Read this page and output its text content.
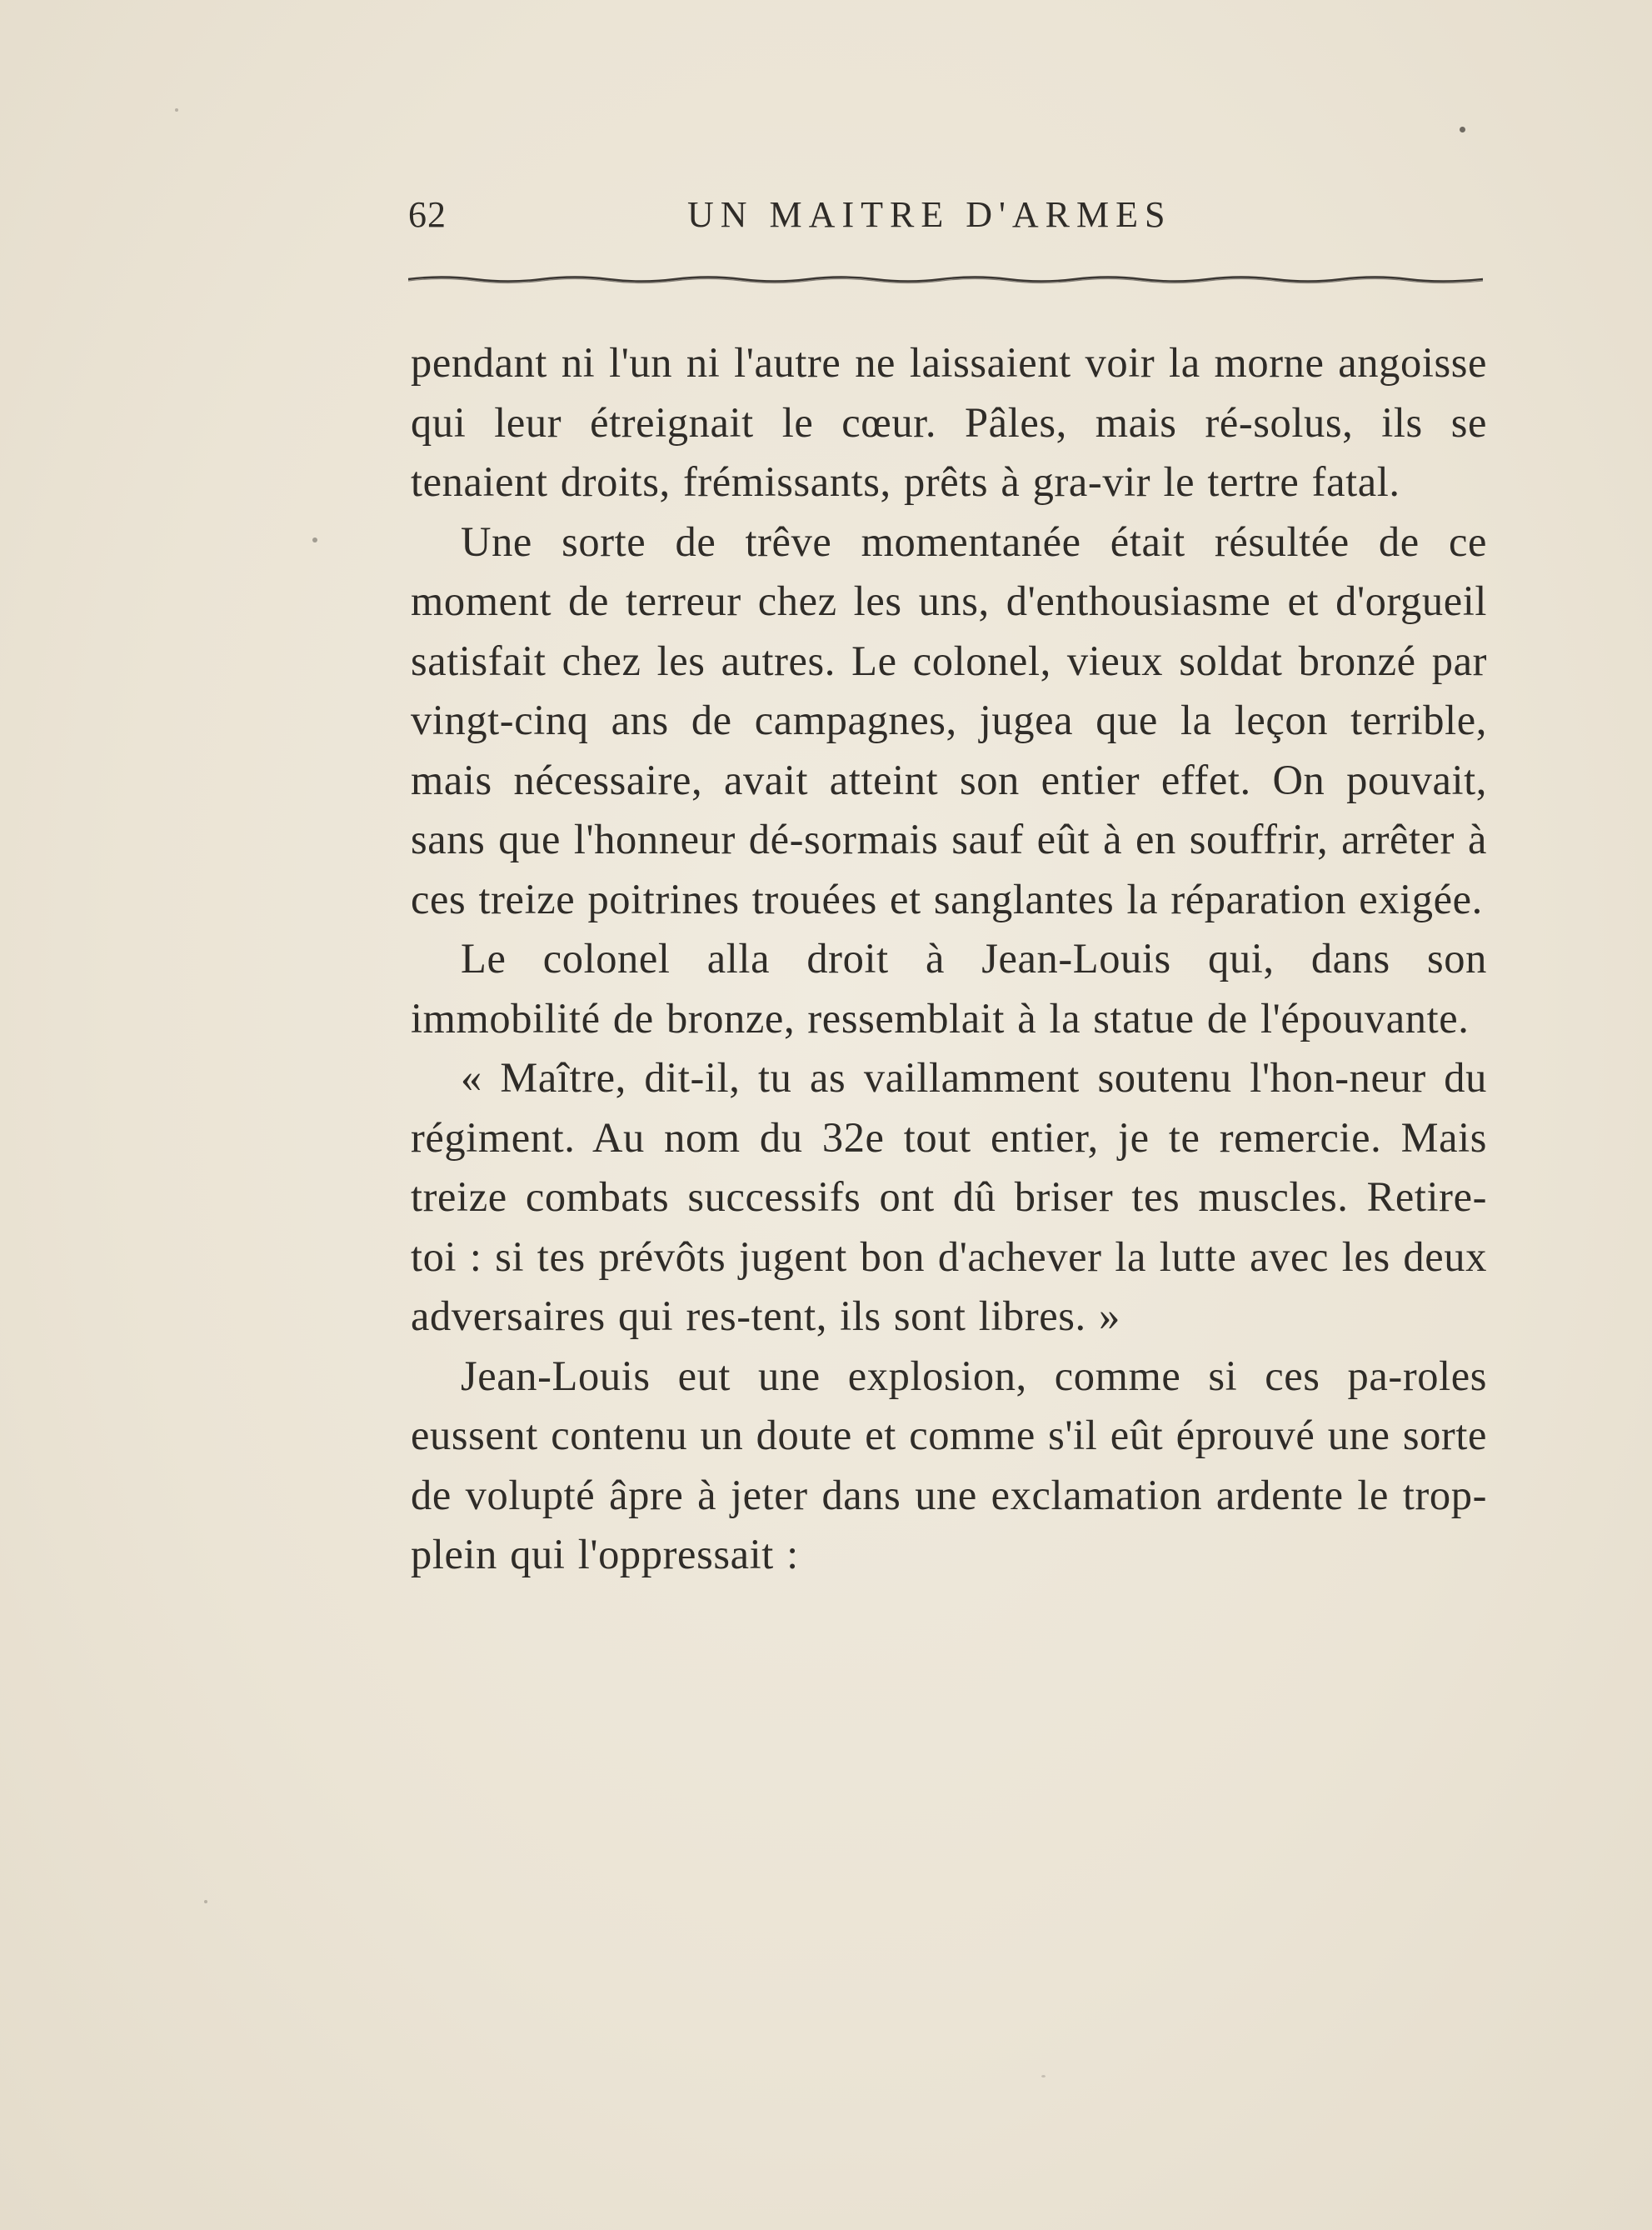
62	UN MAITRE D'ARMES

pendant ni l'un ni l'autre ne laissaient voir la morne angoisse qui leur étreignait le cœur. Pâles, mais ré-solus, ils se tenaient droits, frémissants, prêts à gra-vir le tertre fatal.

Une sorte de trêve momentanée était résultée de ce moment de terreur chez les uns, d'enthousiasme et d'orgueil satisfait chez les autres. Le colonel, vieux soldat bronzé par vingt-cinq ans de campagnes, jugea que la leçon terrible, mais nécessaire, avait atteint son entier effet. On pouvait, sans que l'honneur dé-sormais sauf eût à en souffrir, arrêter à ces treize poitrines trouées et sanglantes la réparation exigée.

Le colonel alla droit à Jean-Louis qui, dans son immobilité de bronze, ressemblait à la statue de l'épouvante.

« Maître, dit-il, tu as vaillamment soutenu l'hon-neur du régiment. Au nom du 32e tout entier, je te remercie. Mais treize combats successifs ont dû briser tes muscles. Retire-toi : si tes prévôts jugent bon d'achever la lutte avec les deux adversaires qui res-tent, ils sont libres. »

Jean-Louis eut une explosion, comme si ces pa-roles eussent contenu un doute et comme s'il eût éprouvé une sorte de volupté âpre à jeter dans une exclamation ardente le trop-plein qui l'oppressait :
